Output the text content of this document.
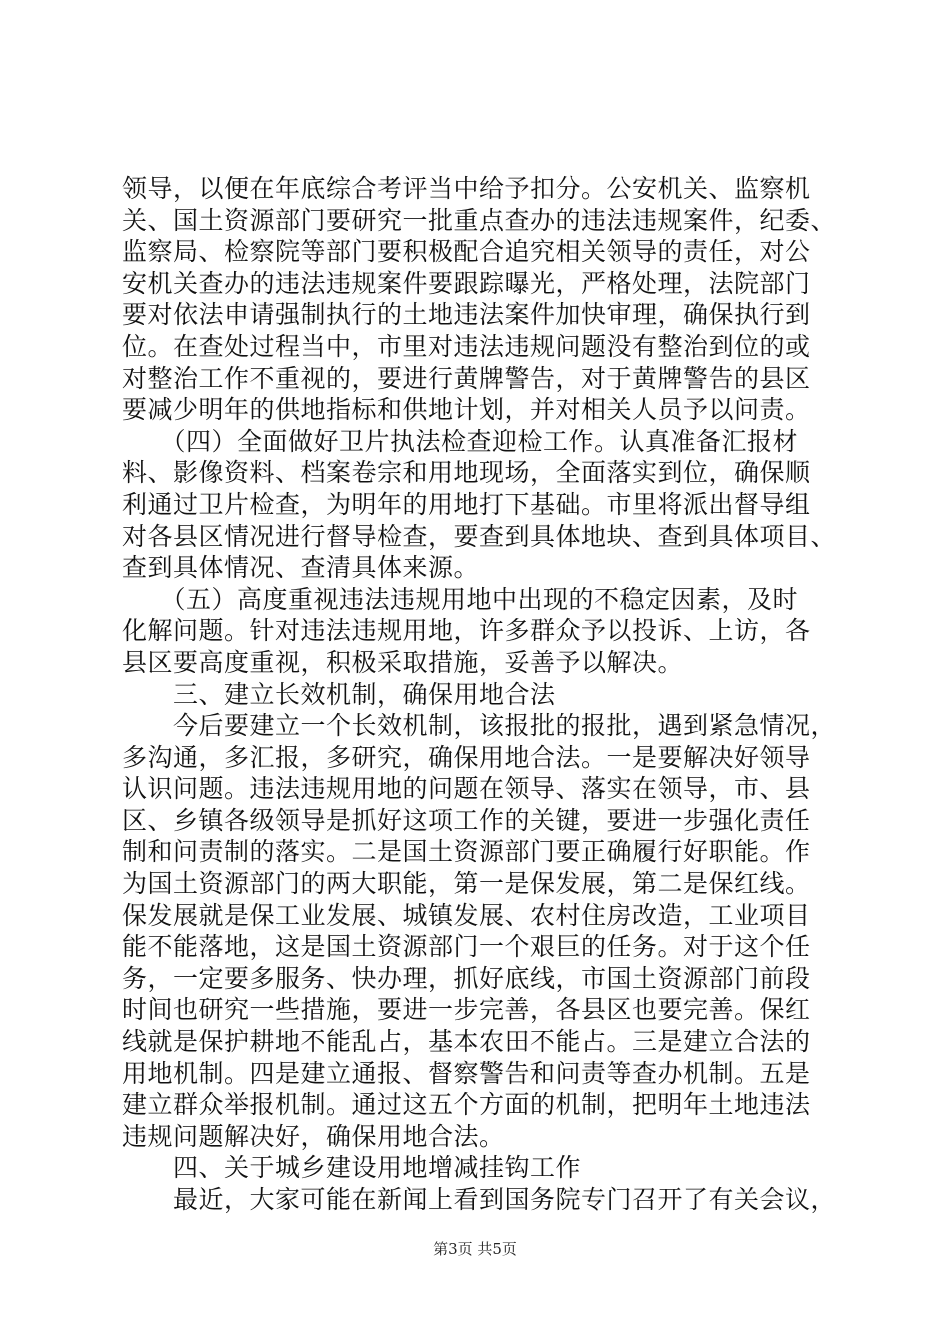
领导，以便在年底综合考评当中给予扣分。公安机关、监察机
关、国土资源部门要研究一批重点查办的违法违规案件，纪委、
监察局、检察院等部门要积极配合追究相关领导的责任，对公
安机关查办的违法违规案件要跟踪曝光，严格处理，法院部门
要对依法申请强制执行的土地违法案件加快审理，确保执行到
位。在查处过程当中，市里对违法违规问题没有整治到位的或
对整治工作不重视的，要进行黄牌警告，对于黄牌警告的县区
要减少明年的供地指标和供地计划，并对相关人员予以问责。
　　（四）全面做好卫片执法检查迎检工作。认真准备汇报材
料、影像资料、档案卷宗和用地现场，全面落实到位，确保顺
利通过卫片检查，为明年的用地打下基础。市里将派出督导组
对各县区情况进行督导检查，要查到具体地块、查到具体项目、
查到具体情况、查清具体来源。
　　（五）高度重视违法违规用地中出现的不稳定因素，及时
化解问题。针对违法违规用地，许多群众予以投诉、上访，各
县区要高度重视，积极采取措施，妥善予以解决。
　　三、建立长效机制，确保用地合法
　　今后要建立一个长效机制，该报批的报批，遇到紧急情况，
多沟通，多汇报，多研究，确保用地合法。一是要解决好领导
认识问题。违法违规用地的问题在领导、落实在领导，市、县
区、乡镇各级领导是抓好这项工作的关键，要进一步强化责任
制和问责制的落实。二是国土资源部门要正确履行好职能。作
为国土资源部门的两大职能，第一是保发展，第二是保红线。
保发展就是保工业发展、城镇发展、农村住房改造，工业项目
能不能落地，这是国土资源部门一个艰巨的任务。对于这个任
务，一定要多服务、快办理，抓好底线，市国土资源部门前段
时间也研究一些措施，要进一步完善，各县区也要完善。保红
线就是保护耕地不能乱占，基本农田不能占。三是建立合法的
用地机制。四是建立通报、督察警告和问责等查办机制。五是
建立群众举报机制。通过这五个方面的机制，把明年土地违法
违规问题解决好，确保用地合法。
　　四、关于城乡建设用地增减挂钩工作
　　最近，大家可能在新闻上看到国务院专门召开了有关会议，
第3页 共5页
